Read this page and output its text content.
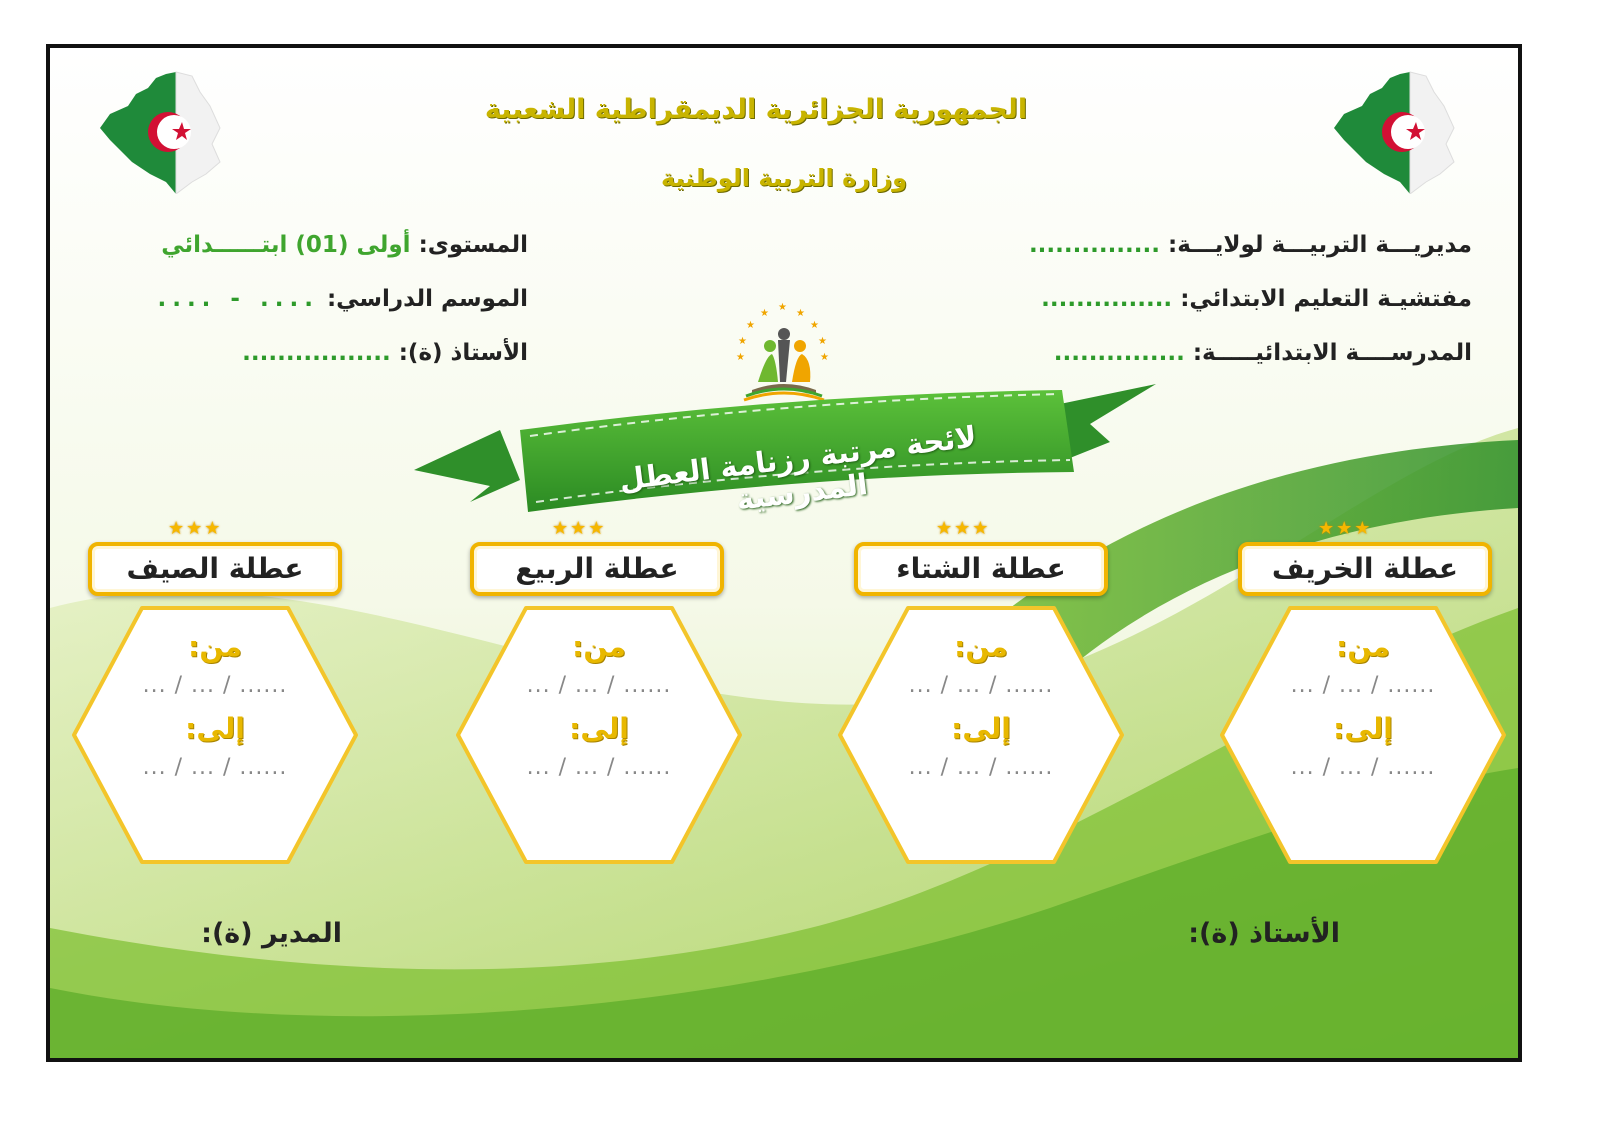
الجمهورية الجزائرية الديمقراطية الشعبية
وزارة التربية الوطنية
مديريـــة التربيـــة لولايـــة: ...............
مفتشيـة التعليم الابتدائي: ...............
المدرســــة الابتدائيـــــة: ...............
المستوى: أولى (01) ابتــــــدائي
الموسم الدراسي: .... - ....
الأستاذ (ة): .................
★
★	★
★	★
★	★
★	★
لائحة مرتبة رزنامة العطل المدرسية
★★★
عطلة الخريف
من:
... / ... / ......
إلى:
... / ... / ......
★★★
عطلة الشتاء
من:
... / ... / ......
إلى:
... / ... / ......
★★★
عطلة الربيع
من:
... / ... / ......
إلى:
... / ... / ......
★★★
عطلة الصيف
من:
... / ... / ......
إلى:
... / ... / ......
الأستاذ (ة):
المدير (ة):
